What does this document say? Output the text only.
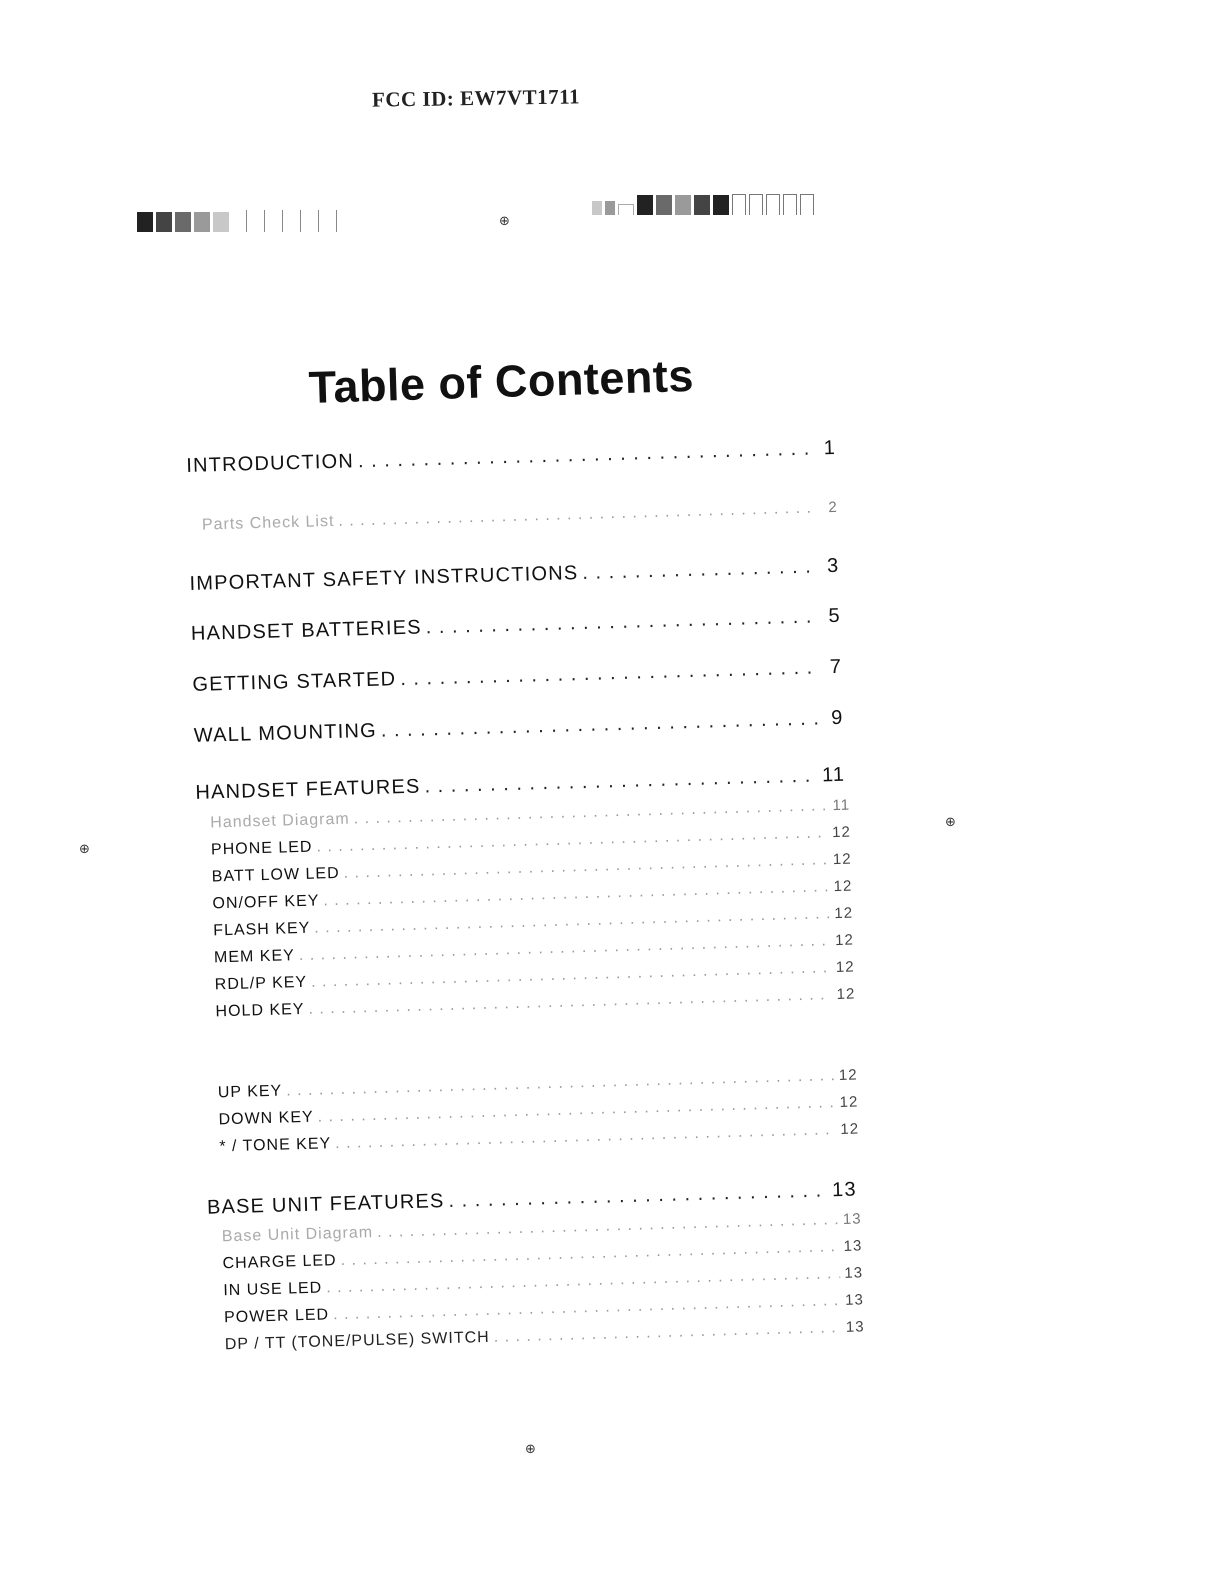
FCC ID: EW7VT1711
⊕
⊕
⊕
⊕
Table of Contents
INTRODUCTION
. . .
1
Parts Check List
. . .
2
IMPORTANT SAFETY INSTRUCTIONS
. . .	3
HANDSET BATTERIES
. . .
5
GETTING STARTED
. . .
7
WALL MOUNTING
. . .
9
HANDSET FEATURES
. . .
11
Handset Diagram
. . .
11
PHONE LED
. . .
12
BATT LOW LED
. . .
12
ON/OFF KEY
. . .
12
FLASH KEY
. . .
12
MEM KEY
. . .
12
RDL/P KEY
. . .
12
HOLD KEY
. . .
12
UP KEY
. . .
12
DOWN KEY
. . .
12
* / TONE KEY
. . .
12
BASE UNIT FEATURES
. . .
13
Base Unit Diagram
. . .
13
CHARGE LED
. . .
13
IN USE LED
. . .
13
POWER LED
. . .
13
DP / TT (TONE/PULSE) SWITCH
. . .
13
